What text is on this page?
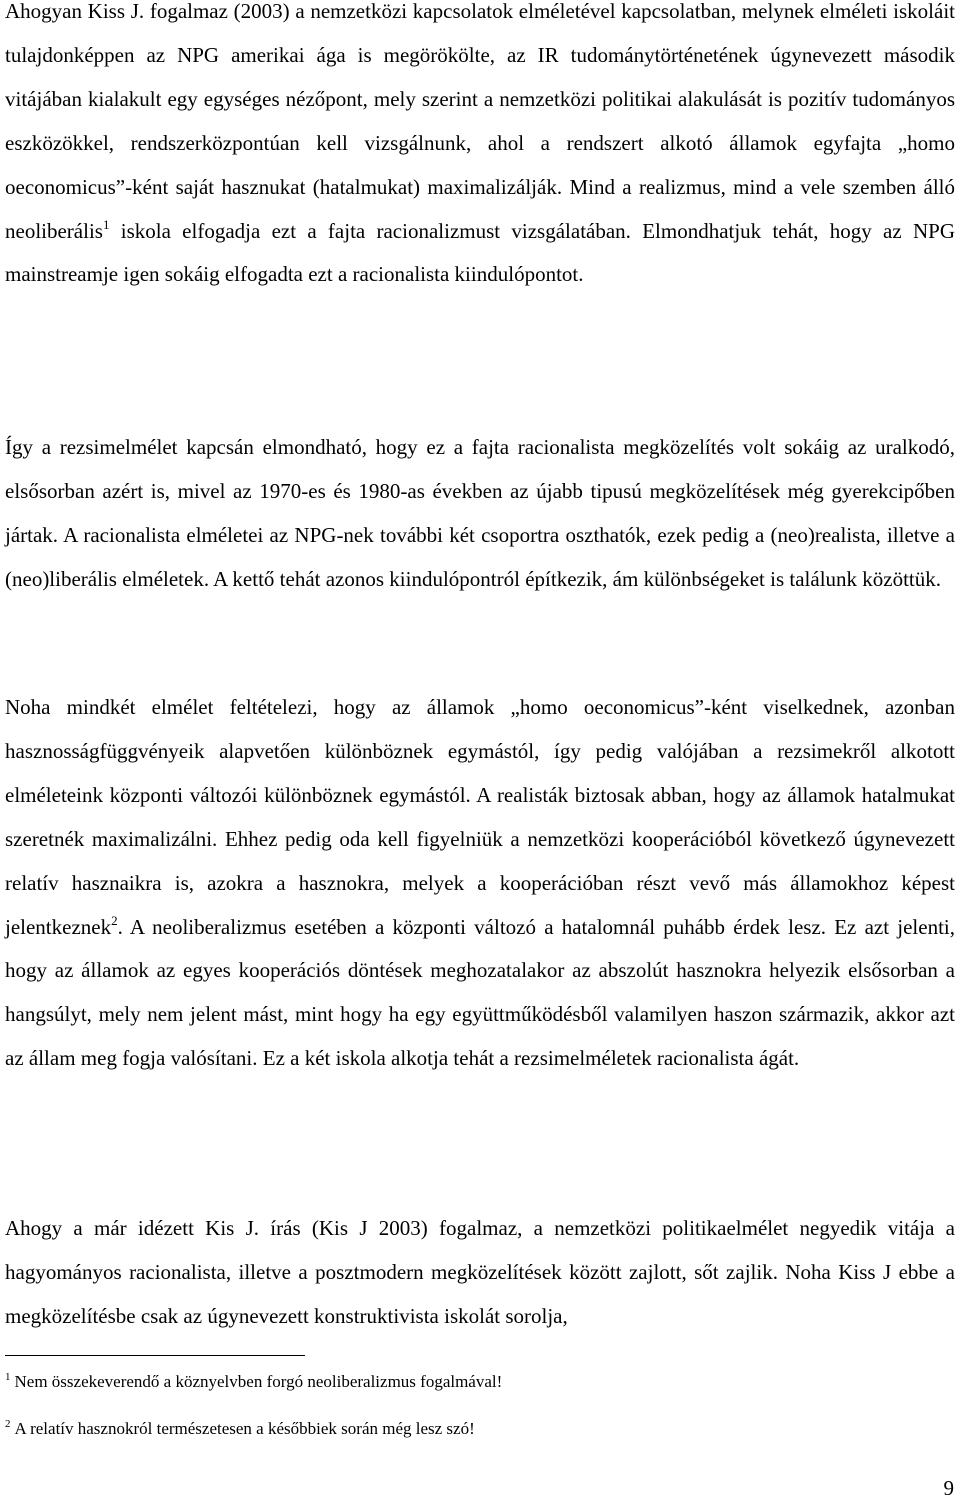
Ahogyan Kiss J. fogalmaz (2003) a nemzetközi kapcsolatok elméletével kapcsolatban, melynek elméleti iskoláit tulajdonképpen az NPG amerikai ága is megörökölte, az IR tudománytörténetének úgynevezett második vitájában kialakult egy egységes nézőpont, mely szerint a nemzetközi politikai alakulását is pozitív tudományos eszközökkel, rendszerközpontúan kell vizsgálnunk, ahol a rendszert alkotó államok egyfajta „homo oeconomicus”-ként saját hasznukat (hatalmukat) maximalizálják. Mind a realizmus, mind a vele szemben álló neoliberális$^1$ iskola elfogadja ezt a fajta racionalizmust vizsgálatában. Elmondhatjuk tehát, hogy az NPG mainstreamje igen sokáig elfogadta ezt a racionalista kiindulópontot.

Így a rezsimelmélet kapcsán elmondható, hogy ez a fajta racionalista megközelítés volt sokáig az uralkodó, elsősorban azért is, mivel az 1970-es és 1980-as években az újabb tipusú megközelítések még gyerekcipőben jártak. A racionalista elméletei az NPG-nek további két csoportra oszthatók, ezek pedig a (neo)realista, illetve a (neo)liberális elméletek. A kettő tehát azonos kiindulópontról építkezik, ám különbségeket is találunk közöttük.

Noha mindkét elmélet feltételezi, hogy az államok „homo oeconomicus”-ként viselkednek, azonban hasznosságfüggvényeik alapvetően különböznek egymástól, így pedig valójában a rezsimekről alkotott elméleteink központi változói különböznek egymástól. A realisták biztosak abban, hogy az államok hatalmukat szeretnék maximalizálni. Ehhez pedig oda kell figyelniük a nemzetközi kooperációból következő úgynevezett relatív hasznaikra is, azokra a hasznokra, melyek a kooperációban részt vevő más államokhoz képest jelentkeznek$^2$. A neoliberalizmus esetében a központi változó a hatalomnál puhább érdek lesz. Ez azt jelenti, hogy az államok az egyes kooperációs döntések meghozatalakor az abszolút hasznokra helyezik elsősorban a hangsúlyt, mely nem jelent mást, mint hogy ha egy együttműködésből valamilyen haszon származik, akkor azt az állam meg fogja valósítani. Ez a két iskola alkotja tehát a rezsimelméletek racionalista ágát.

Ahogy a már idézett Kis J. írás (Kis J 2003) fogalmaz, a nemzetközi politikaelmélet negyedik vitája a hagyományos racionalista, illetve a posztmodern megközelítések között zajlott, sőt zajlik. Noha Kiss J ebbe a megközelítésbe csak az úgynevezett konstruktivista iskolát sorolja,

$^1$ Nem összekeverendő a köznyelvben forgó neoliberalizmus fogalmával!

$^2$ A relatív hasznokról természetesen a későbbiek során még lesz szó!

9
